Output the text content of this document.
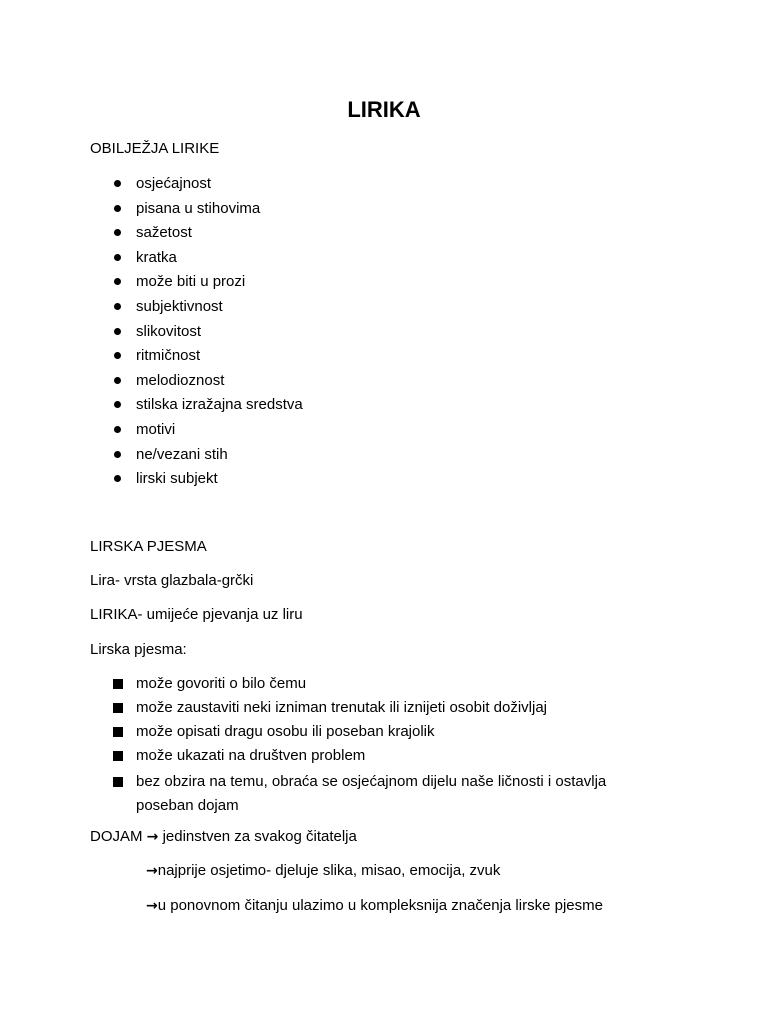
LIRIKA

OBILJEŽJA LIRIKE

osjećajnost
pisana u stihovima
sažetost
kratka
može biti u prozi
subjektivnost
slikovitost
ritmičnost
melodioznost
stilska izražajna sredstva
motivi
ne/vezani stih
lirski subjekt

LIRSKA PJESMA

Lira- vrsta glazbala-grčki

LIRIKA- umijeće pjevanja uz liru

Lirska pjesma:

može govoriti o bilo čemu
može zaustaviti neki izniman trenutak ili iznijeti osobit doživljaj
može opisati dragu osobu ili poseban krajolik
može ukazati na društven problem
bez obzira na temu, obraća se osjećajnom dijelu naše ličnosti i ostavlja poseban dojam

DOJAM → jedinstven za svakog čitatelja

→najprije osjetimo- djeluje slika, misao, emocija, zvuk

→u ponovnom čitanju ulazimo u kompleksnija značenja lirske pjesme
